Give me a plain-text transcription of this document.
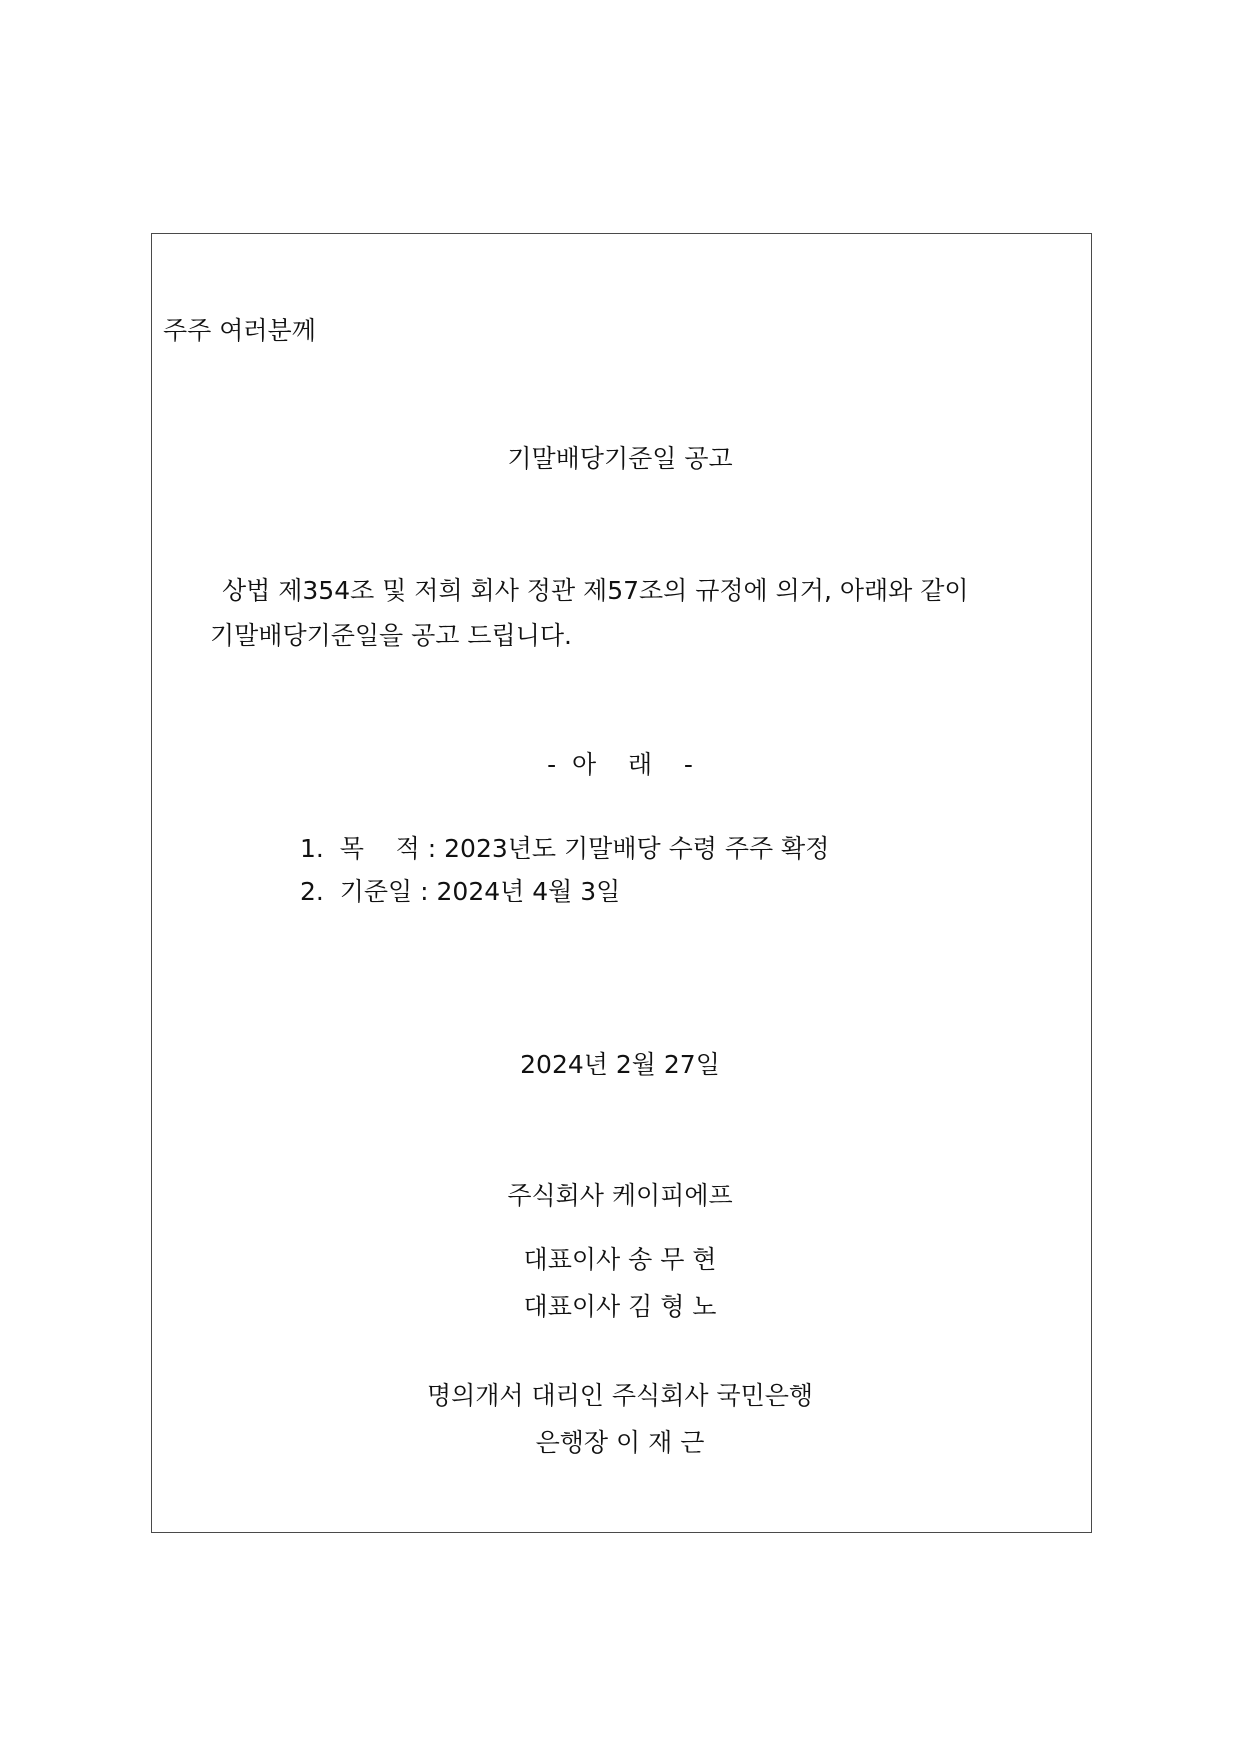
주주 여러분께

기말배당기준일 공고

상법 제354조 및 저희 회사 정관 제57조의 규정에 의거, 아래와 같이

기말배당기준일을 공고 드립니다.

-  아    래    -

1.  목    적 : 2023년도 기말배당 수령 주주 확정

2.  기준일 : 2024년 4월 3일

2024년 2월 27일

주식회사 케이피에프

대표이사 송 무 현

대표이사 김 형 노

명의개서 대리인 주식회사 국민은행

은행장 이 재 근
